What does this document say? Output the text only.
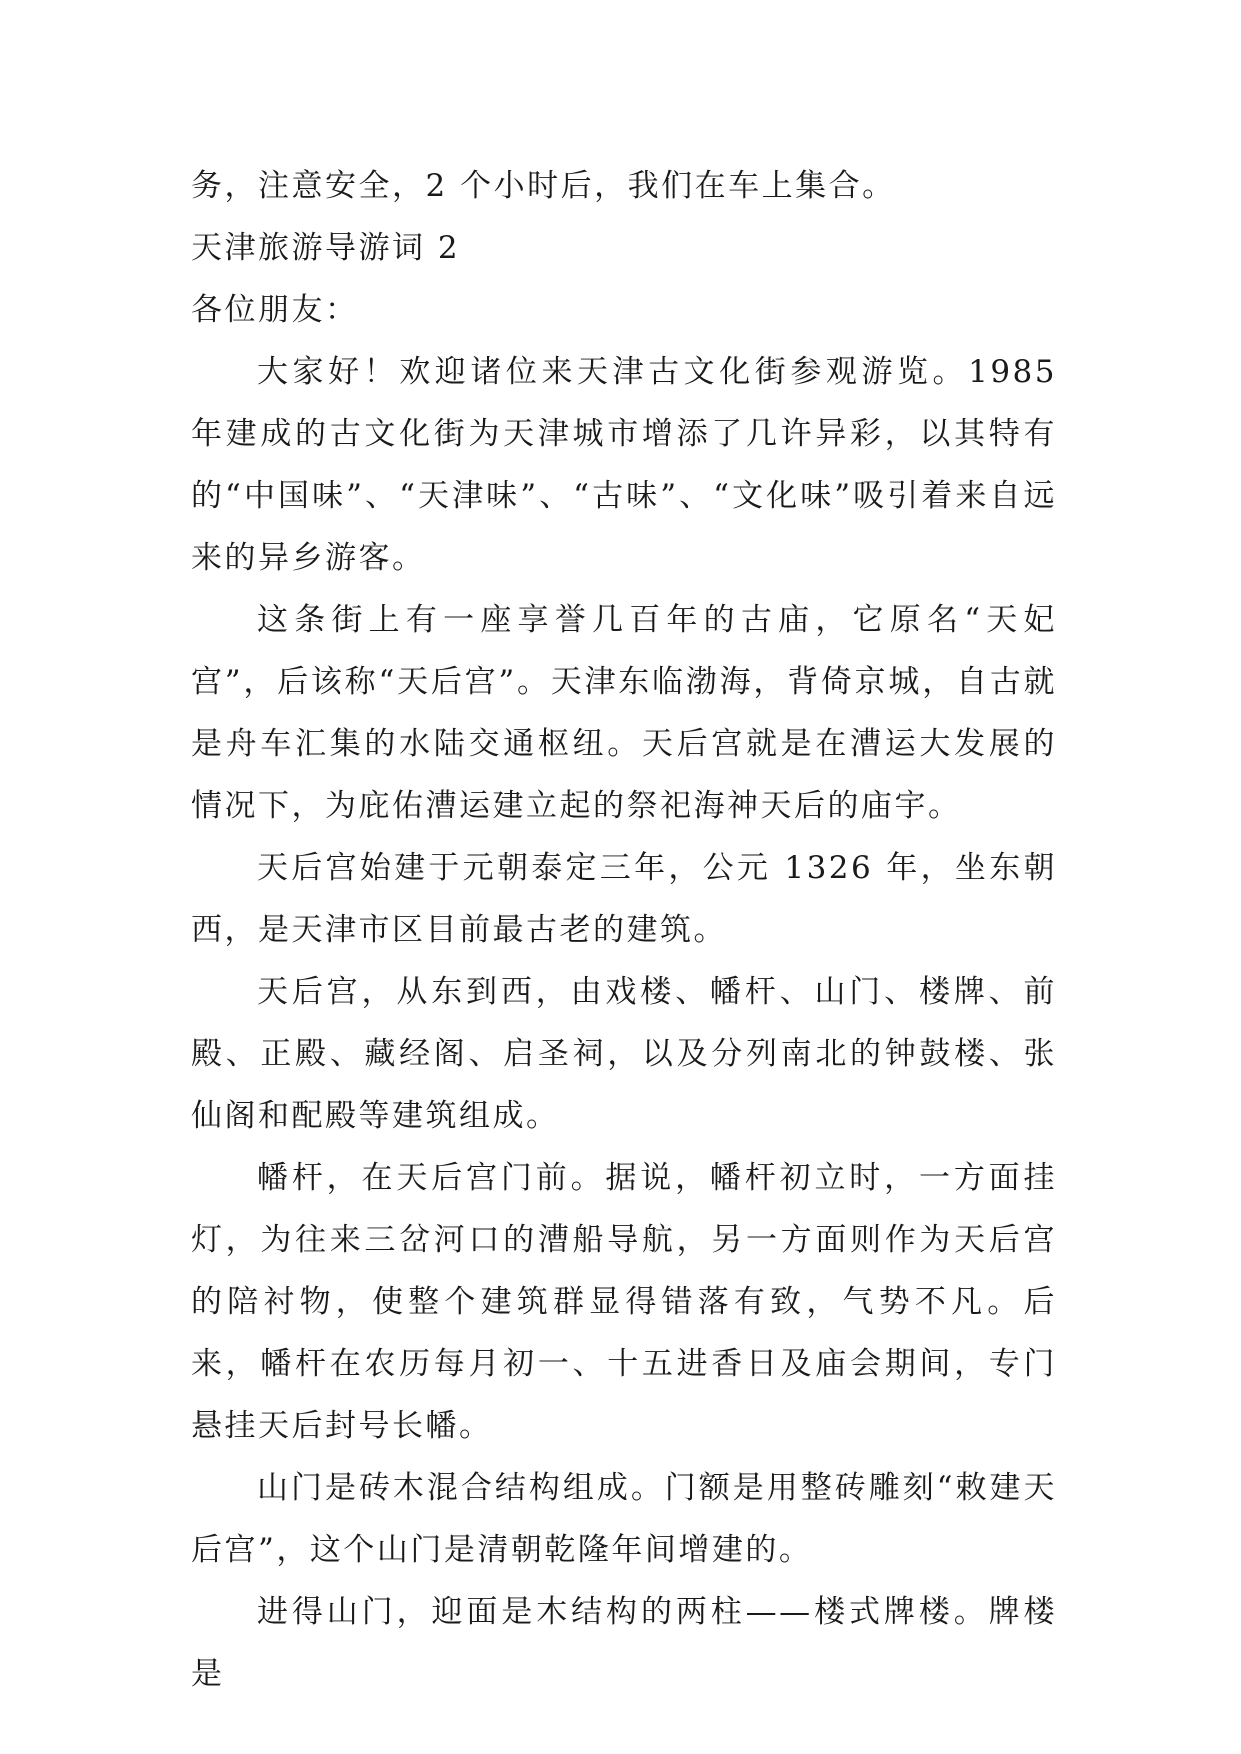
务，注意安全，2 个小时后，我们在车上集合。

天津旅游导游词 2

各位朋友：

大家好！欢迎诸位来天津古文化街参观游览。1985 年建成的古文化街为天津城市增添了几许异彩，以其特有的“中国味”、“天津味”、“古味”、“文化味”吸引着来自远来的异乡游客。

这条街上有一座享誉几百年的古庙，它原名“天妃宫”，后该称“天后宫”。天津东临渤海，背倚京城，自古就是舟车汇集的水陆交通枢纽。天后宫就是在漕运大发展的情况下，为庇佑漕运建立起的祭祀海神天后的庙宇。

天后宫始建于元朝泰定三年，公元 1326 年，坐东朝西，是天津市区目前最古老的建筑。

天后宫，从东到西，由戏楼、幡杆、山门、楼牌、前殿、正殿、藏经阁、启圣祠，以及分列南北的钟鼓楼、张仙阁和配殿等建筑组成。

幡杆，在天后宫门前。据说，幡杆初立时，一方面挂灯，为往来三岔河口的漕船导航，另一方面则作为天后宫的陪衬物，使整个建筑群显得错落有致，气势不凡。后来，幡杆在农历每月初一、十五进香日及庙会期间，专门悬挂天后封号长幡。

山门是砖木混合结构组成。门额是用整砖雕刻“敕建天后宫”，这个山门是清朝乾隆年间增建的。

进得山门，迎面是木结构的两柱——楼式牌楼。牌楼是
